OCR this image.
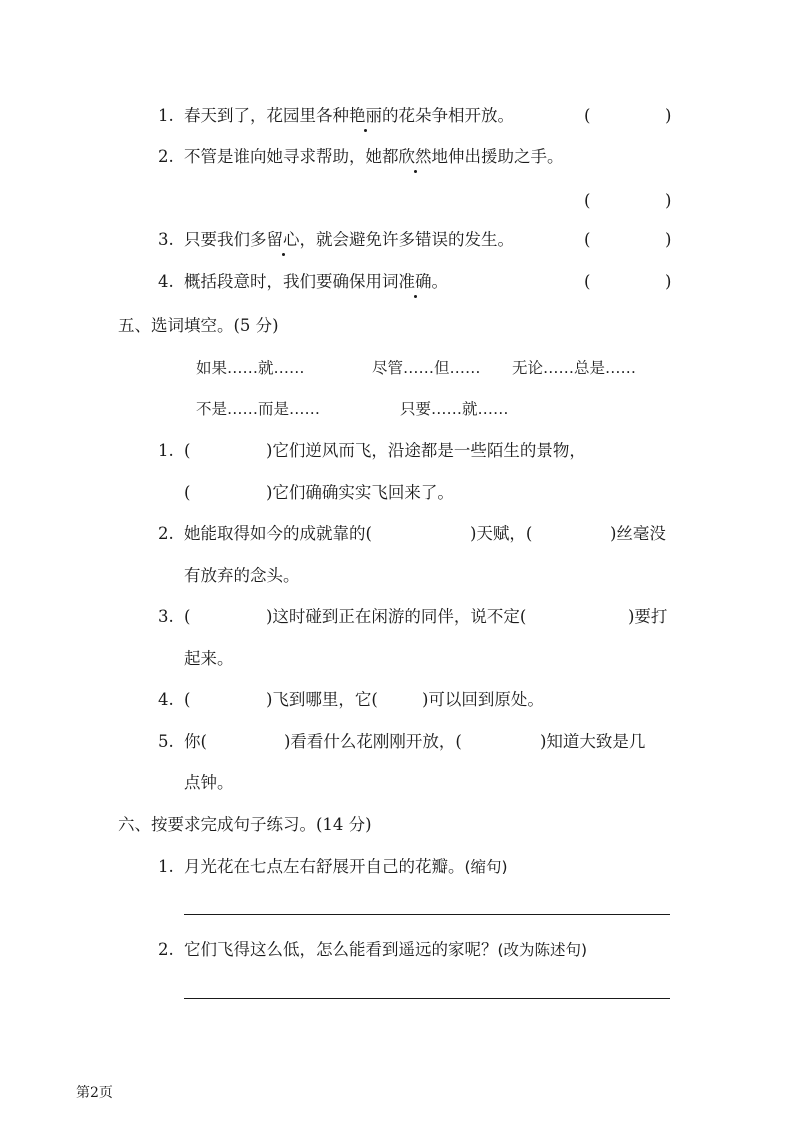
1. 春天到了，花园里各种艳丽的花朵争相开放。	(	)
2. 不管是谁向她寻求帮助，她都欣然地伸出援助之手。
(	)
3. 只要我们多留心，就会避免许多错误的发生。	(	)
4. 概括段意时，我们要确保用词准确。	(	)
五、选词填空。(5 分)
如果……就……	尽管……但…… 无论……总是……
不是……而是……	只要……就……
1. (	)它们逆风而飞，沿途都是一些陌生的景物，
(	)它们确确实实飞回来了。
2. 她能取得如今的成就靠的(	)天赋，(	)丝毫没
有放弃的念头。
3. (	)这时碰到正在闲游的同伴，说不定(	)要打
起来。
4. (	)飞到哪里，它(	)可以回到原处。
5. 你(	)看看什么花刚刚开放，(	)知道大致是几
点钟。
六、按要求完成句子练习。(14 分)
1. 月光花在七点左右舒展开自己的花瓣。(缩句)
2. 它们飞得这么低，怎么能看到遥远的家呢？(改为陈述句)
第2页
